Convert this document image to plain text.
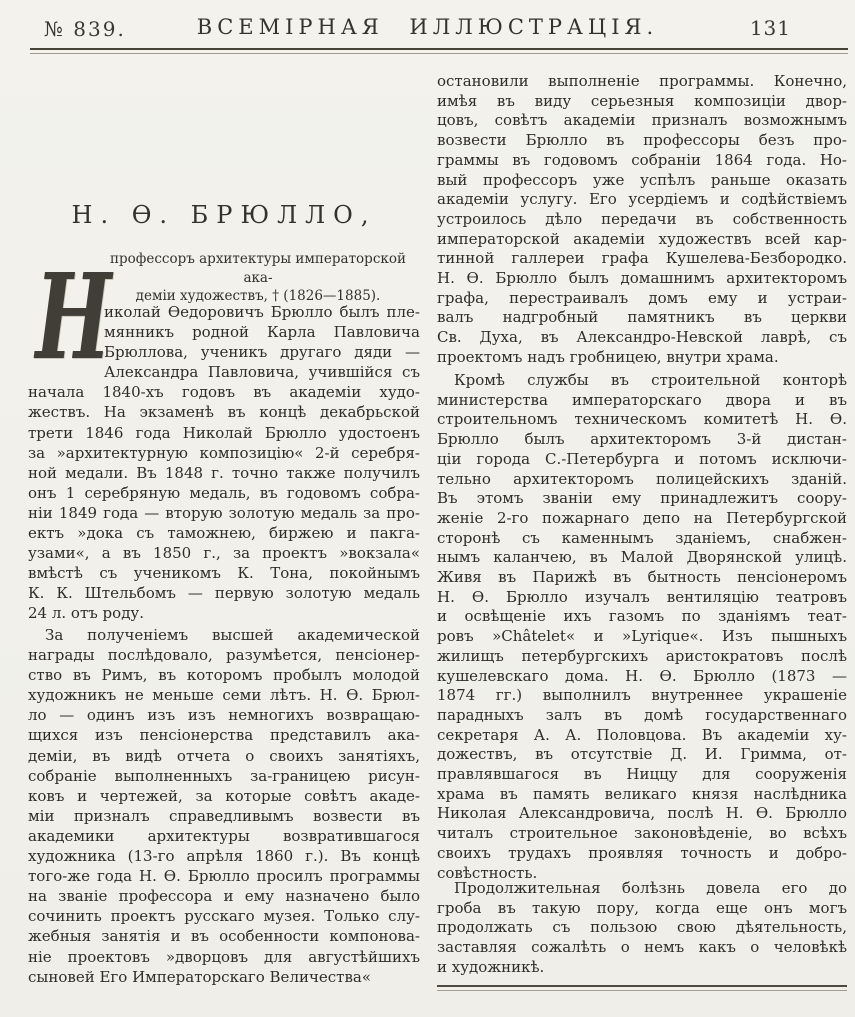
№ 839.	ВСЕМІРНАЯ ИЛЛЮСТРАЦІЯ.	131
Н. Ѳ. БРЮЛЛО,
профессоръ архитектуры императорской ака-
деміи художествъ, † (1826—1885).
Н
иколай Ѳедоровичъ Брюлло былъ пле-
мянникъ родной Карла Павловича
Брюллова, ученикъ другаго дяди —
Александра Павловича, учившійся съ
начала 1840-хъ годовъ въ академіи худо-
жествъ. На экзаменѣ въ концѣ декабрьской
трети 1846 года Николай Брюлло удостоенъ
за »архитектурную композицію« 2-й серебря-
ной медали. Въ 1848 г. точно также получилъ
онъ 1 серебряную медаль, въ годовомъ собра-
ніи 1849 года — вторую золотую медаль за про-
ектъ »дока съ таможнею, биржею и пакга-
узами«, а въ 1850 г., за проектъ »вокзала«
вмѣстѣ съ ученикомъ К. Тона, покойнымъ
К. К. Штельбомъ — первую золотую медаль
24 л. отъ роду.
За полученіемъ высшей академической
награды послѣдовало, разумѣется, пенсіонер-
ство въ Римъ, въ которомъ пробылъ молодой
художникъ не меньше семи лѣтъ. Н. Ѳ. Брюл-
ло — одинъ изъ изъ немногихъ возвращаю-
щихся изъ пенсіонерства представилъ ака-
деміи, въ видѣ отчета о своихъ занятіяхъ,
собраніе выполненныхъ за-границею рисун-
ковъ и чертежей, за которые совѣтъ акаде-
міи призналъ справедливымъ возвести въ
академики архитектуры возвратившагося
художника (13-го апрѣля 1860 г.). Въ концѣ
того-же года Н. Ѳ. Брюлло просилъ программы
на званіе профессора и ему назначено было
сочинить проектъ русскаго музея. Только слу-
жебныя занятія и въ особенности компонова-
ніе проектовъ »дворцовъ для августѣйшихъ
сыновей Его Императорскаго Величества«
остановили выполненіе программы. Конечно,
имѣя въ виду серьезныя композиціи двор-
цовъ, совѣтъ академіи призналъ возможнымъ
возвести Брюлло въ профессоры безъ про-
граммы въ годовомъ собраніи 1864 года. Но-
вый профессоръ уже успѣлъ раньше оказать
академіи услугу. Его усердіемъ и содѣйствіемъ
устроилось дѣло передачи въ собственность
императорской академіи художествъ всей кар-
тинной галлереи графа Кушелева-Безбородко.
Н. Ѳ. Брюлло былъ домашнимъ архитекторомъ
графа, перестраивалъ домъ ему и устраи-
валъ надгробный памятникъ въ церкви
Св. Духа, въ Александро-Невской лаврѣ, съ
проектомъ надъ гробницею, внутри храма.
Кромѣ службы въ строительной конторѣ
министерства императорскаго двора и въ
строительномъ техническомъ комитетѣ Н. Ѳ.
Брюлло былъ архитекторомъ 3-й дистан-
ціи города С.-Петербурга и потомъ исключи-
тельно архитекторомъ полицейскихъ зданій.
Въ этомъ званіи ему принадлежитъ соору-
женіе 2-го пожарнаго депо на Петербургской
сторонѣ съ каменнымъ зданіемъ, снабжен-
нымъ каланчею, въ Малой Дворянской улицѣ.
Живя въ Парижѣ въ бытность пенсіонеромъ
Н. Ѳ. Брюлло изучалъ вентиляцію театровъ
и освѣщеніе ихъ газомъ по зданіямъ теат-
ровъ »Châtelet« и »Lyrique«. Изъ пышныхъ
жилищъ петербургскихъ аристократовъ послѣ
кушелевскаго дома. Н. Ѳ. Брюлло (1873 —
1874 гг.) выполнилъ внутреннее украшеніе
парадныхъ залъ въ домѣ государственнаго
секретаря А. А. Половцова. Въ академіи ху-
дожествъ, въ отсутствіе Д. И. Гримма, от-
правлявшагося въ Ниццу для сооруженія
храма въ память великаго князя наслѣдника
Николая Александровича, послѣ Н. Ѳ. Брюлло
читалъ строительное законовѣденіе, во всѣхъ
своихъ трудахъ проявляя точность и добро-
совѣстность.
Продолжительная болѣзнь довела его до
гроба въ такую пору, когда еще онъ могъ
продолжать съ пользою свою дѣятельность,
заставляя сожалѣть о немъ какъ о человѣкѣ
и художникѣ.
